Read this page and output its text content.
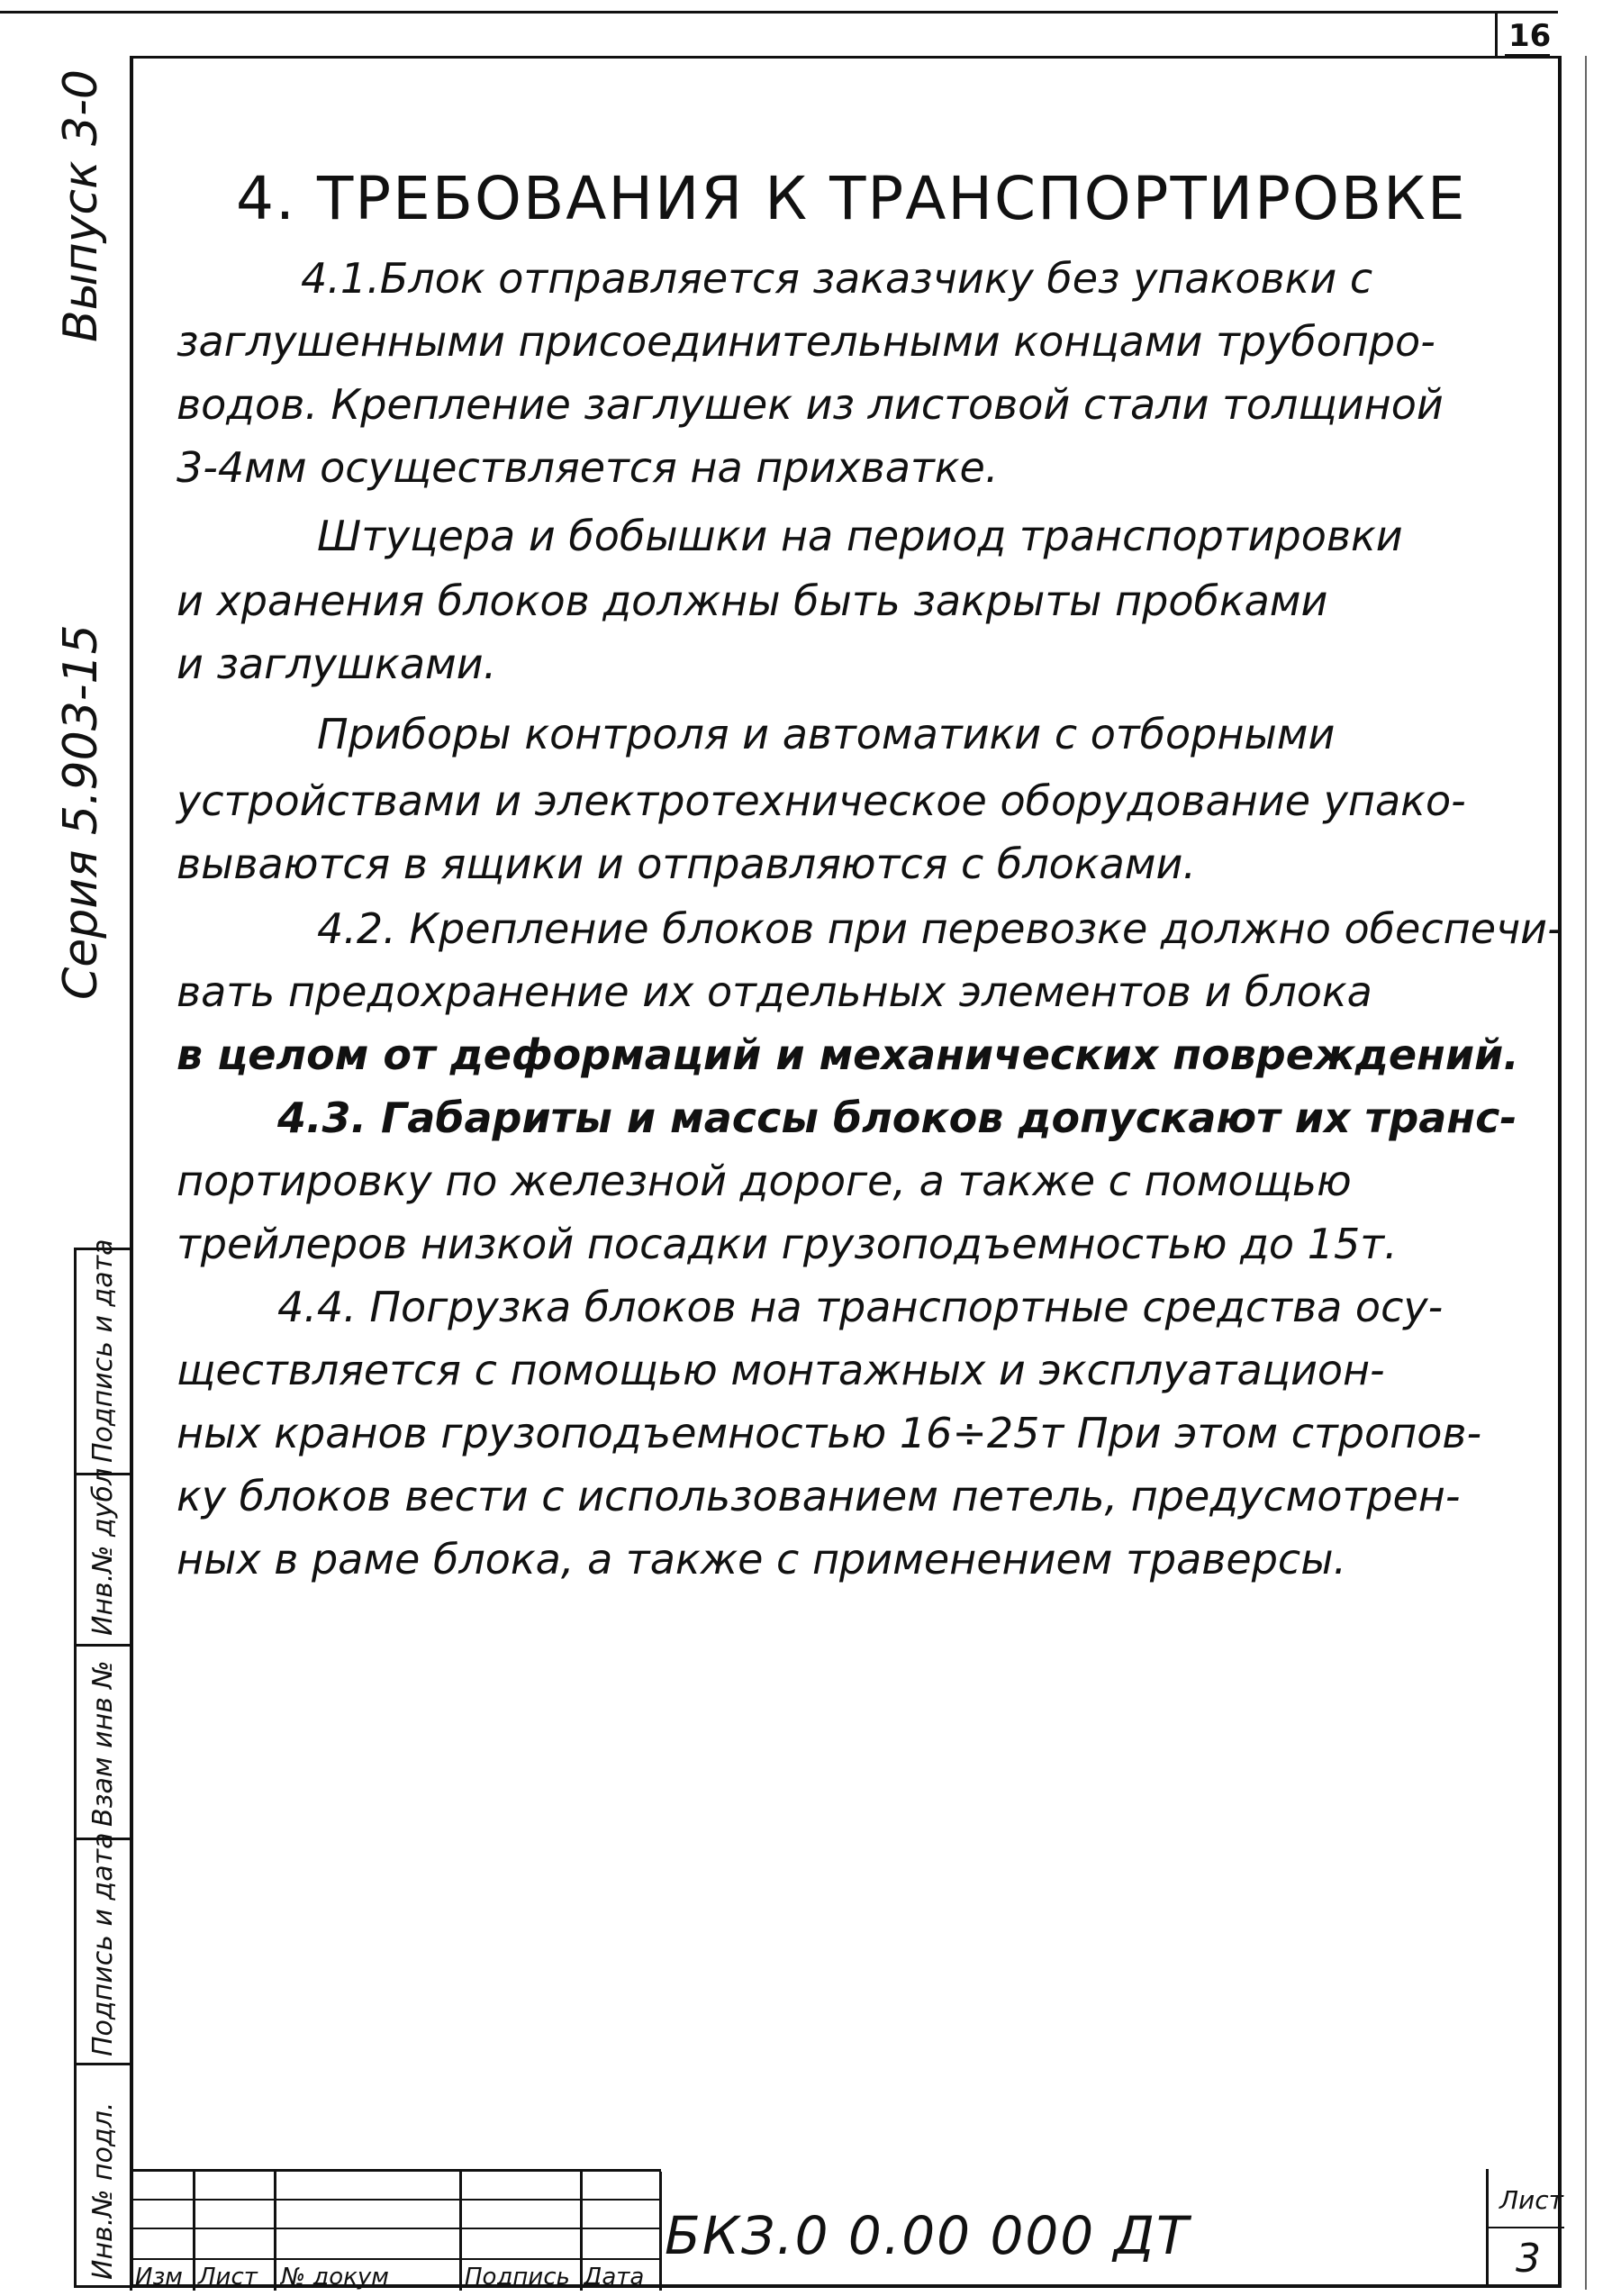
16
Выпуск 3-0
Серия 5.903-15
Подпись и дата
Инв.№ дубл
Взам инв №
Подпись и дата
Инв.№ подл.
4. ТРЕБОВАНИЯ К ТРАНСПОРТИРОВКЕ
4.1.Блок отправляется заказчику без упаковки с
заглушенными присоединительными концами трубопро-
водов. Крепление заглушек из листовой стали толщиной
3-4мм осуществляется на прихватке.
Штуцера и бобышки на период транспортировки
и хранения блоков должны быть закрыты пробками
и заглушками.
Приборы контроля и автоматики с отборными
устройствами и электротехническое оборудование упако-
вываются в ящики и отправляются с блоками.
4.2. Крепление блоков при перевозке должно обеспечи-
вать предохранение их отдельных элементов и блока
в целом от деформаций и механических повреждений.
4.3. Габариты и массы блоков допускают их транс-
портировку по железной дороге, а также с помощью
трейлеров низкой посадки грузоподъемностью до 15т.
4.4. Погрузка блоков на транспортные средства осу-
ществляется с помощью монтажных и эксплуатацион-
ных кранов грузоподъемностью 16÷25т При этом стропов-
ку блоков вести с использованием петель, предусмотрен-
ных в раме блока, а также с применением траверсы.
Изм Лист № докум	Подпись Дата
БКЗ.0 0.00 000 ДТ
Лист
3
